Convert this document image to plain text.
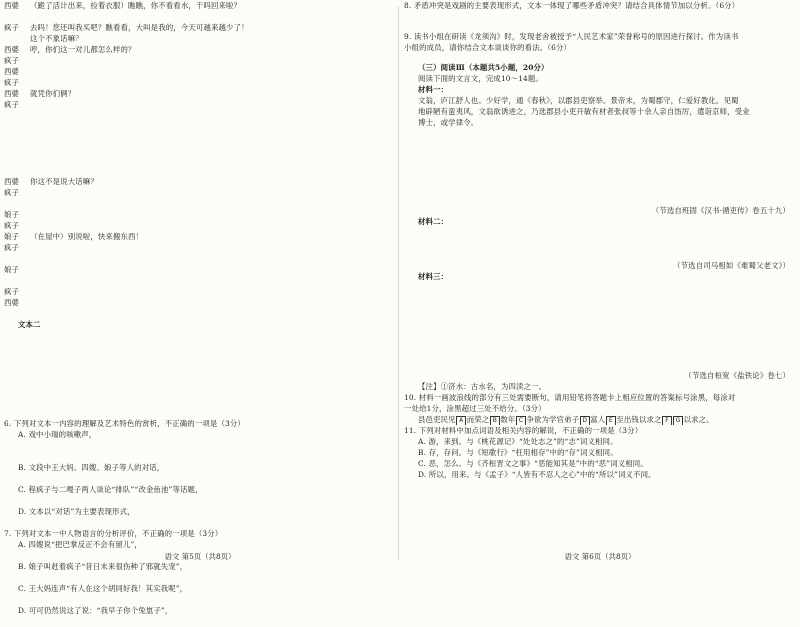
西婆	（跪了活计出来，捡着衣服）瞧瞧，你不看看水，干吗回来啦？
疯子	去吗！您还叫我买吧？瞧看看，大叫是我的，今天可越来越少了！
这个不象话嘛？
西婆	哼，你们这一对儿都怎么样的？
疯子
西婆
疯子
西婆	就凭你们俩？
疯子
西婆	你这不是说大话嘛？
疯子
娘子
疯子
娘子	（在屋中）别说啦，快来搬东西！
疯子
娘子
疯子
西婆
文本二
6. 下列对文本一内容的理解及艺术特色的赏析，不正确的一项是（3分）
A. 戏中小瑞的咳嗽声，
B. 文段中王大妈、四嫂、娘子等人的对话，
C. 程疯子与二嘎子两人谈论“排队”“改金鱼池”等话题，
D. 文本以“对话”为主要表现形式，
7. 下列对文本一中人物语言的分析评价，不正确的一项是（3分）
A. 四嫂说“把巴掌反正不会有留儿”，
B. 娘子叫赶着疯子“昔日未来很伤种了邪就失宠”，
C. 王大妈连声“有人在这个胡同好我！其实我呢”，
D. 可可仍然说这了说：“我早子你个兔崽子”，
语文 第5页（共8页）
8. 矛盾冲突是戏剧的主要表现形式，文本一体现了哪些矛盾冲突？请结合具体情节加以分析。（6分）
9. 读书小组在研读《龙须沟》时，发现老舍被授予“人民艺术家”荣誉称号的原因进行探讨。作为读书
小组的成员，请你结合文本谈谈你的看法。（6分）
（三）阅读Ⅲ（本题共5小题，20分）
阅读下面的文言文，完成10～14题。
材料一：
文翁，庐江舒人也。少好学，通《春秋》，以郡县吏察举。景帝末，为蜀郡守，仁爱好教化。见蜀
地辟陋有蛮夷风，文翁欲诱进之，乃选郡县小吏开敏有材者张叔等十余人亲自饬厉，遣诣京师，受业
博士，或学律令。
（节选自班固《汉书·循吏传》卷五十九）
材料二：
（节选自司马相如《难蜀父老文》）
材料三：
（节选自桓宽《盐铁论》卷七）
【注】①济水：古水名，为四渎之一。
10. 材料一画波浪线的部分有三处需要断句，请用铅笔将答题卡上相应位置的答案标号涂黑，每涂对
一处给1分，涂黑超过三处不给分。（3分）
县邑吏民见 A 而荣之 B 数年 C 争欲为学官弟子 D 富人 E 至出钱以求之 F G 以求之。
11. 下列对材料中加点词语及相关内容的解说，不正确的一项是（3分）
A. 游，来到。与《桃花源记》“处处志之”的“志”词义相同。
B. 存，存问。与《短歌行》“枉用相存”中的“存”词义相同。
C. 恶，怎么。与《齐桓晋文之事》“恶能知其是”中的“恶”词义相同。
D. 所以，用来。与《孟子》“人皆有不忍人之心”中的“所以”词义不同。
语文 第6页（共8页）
